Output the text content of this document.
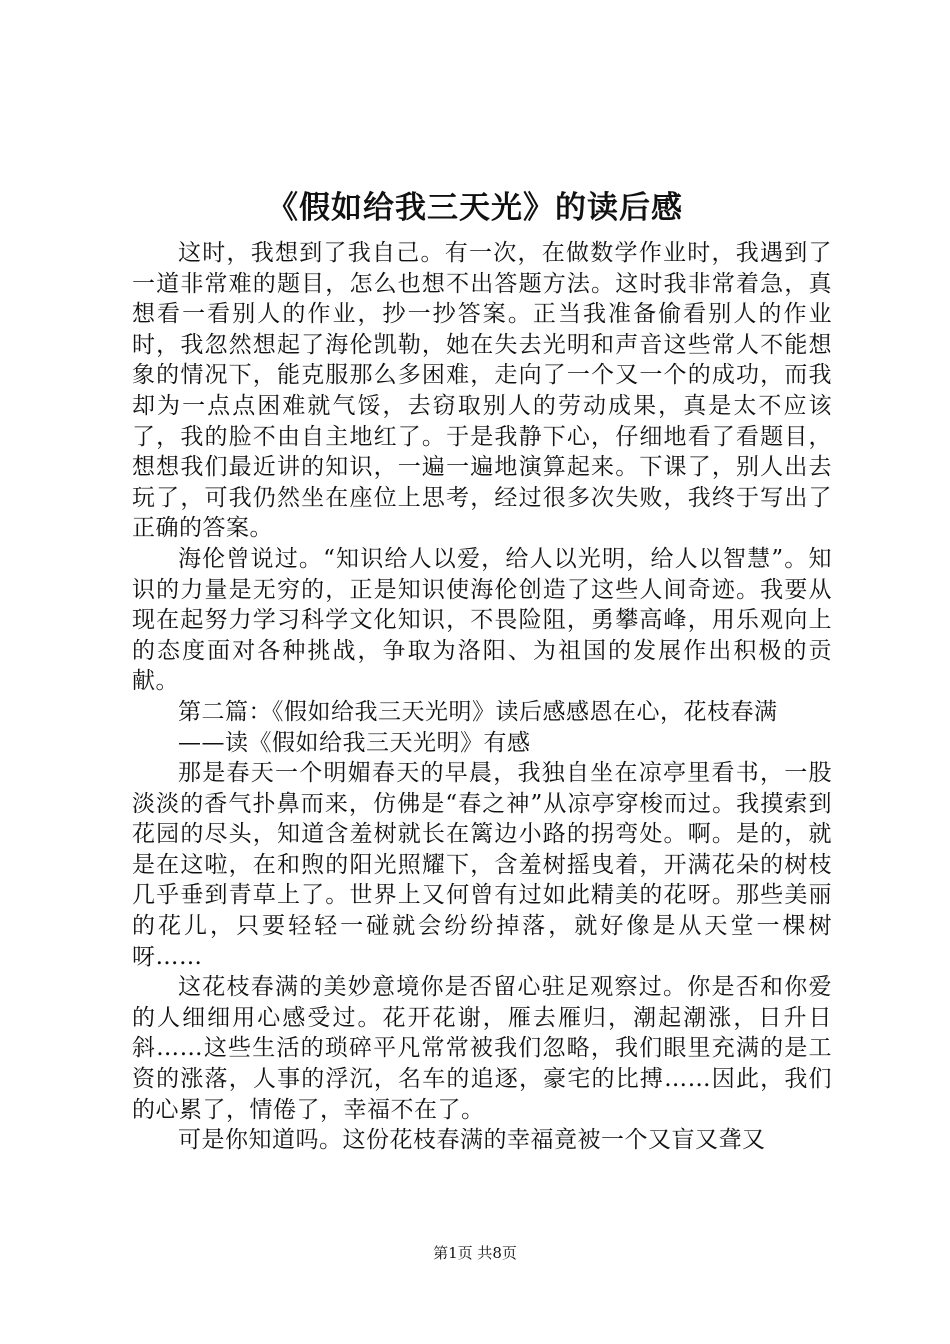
《假如给我三天光》的读后感

这时，我想到了我自己。有一次，在做数学作业时，我遇到了一道非常难的题目，怎么也想不出答题方法。这时我非常着急，真想看一看别人的作业，抄一抄答案。正当我准备偷看别人的作业时，我忽然想起了海伦凯勒，她在失去光明和声音这些常人不能想象的情况下，能克服那么多困难，走向了一个又一个的成功，而我却为一点点困难就气馁，去窃取别人的劳动成果，真是太不应该了，我的脸不由自主地红了。于是我静下心，仔细地看了看题目，想想我们最近讲的知识，一遍一遍地演算起来。下课了，别人出去玩了，可我仍然坐在座位上思考，经过很多次失败，我终于写出了正确的答案。

海伦曾说过。“知识给人以爱，给人以光明，给人以智慧”。知识的力量是无穷的，正是知识使海伦创造了这些人间奇迹。我要从现在起努力学习科学文化知识，不畏险阻，勇攀高峰，用乐观向上的态度面对各种挑战，争取为洛阳、为祖国的发展作出积极的贡献。

第二篇：《假如给我三天光明》读后感感恩在心，花枝春满

——读《假如给我三天光明》有感

那是春天一个明媚春天的早晨，我独自坐在凉亭里看书，一股淡淡的香气扑鼻而来，仿佛是“春之神”从凉亭穿梭而过。我摸索到花园的尽头，知道含羞树就长在篱边小路的拐弯处。啊。是的，就是在这啦，在和煦的阳光照耀下，含羞树摇曳着，开满花朵的树枝几乎垂到青草上了。世界上又何曾有过如此精美的花呀。那些美丽的花儿，只要轻轻一碰就会纷纷掉落，就好像是从天堂一棵树呀……

这花枝春满的美妙意境你是否留心驻足观察过。你是否和你爱的人细细用心感受过。花开花谢，雁去雁归，潮起潮涨，日升日斜……这些生活的琐碎平凡常常被我们忽略，我们眼里充满的是工资的涨落，人事的浮沉，名车的追逐，豪宅的比搏……因此，我们的心累了，情倦了，幸福不在了。

可是你知道吗。这份花枝春满的幸福竟被一个又盲又聋又

第1页 共8页
